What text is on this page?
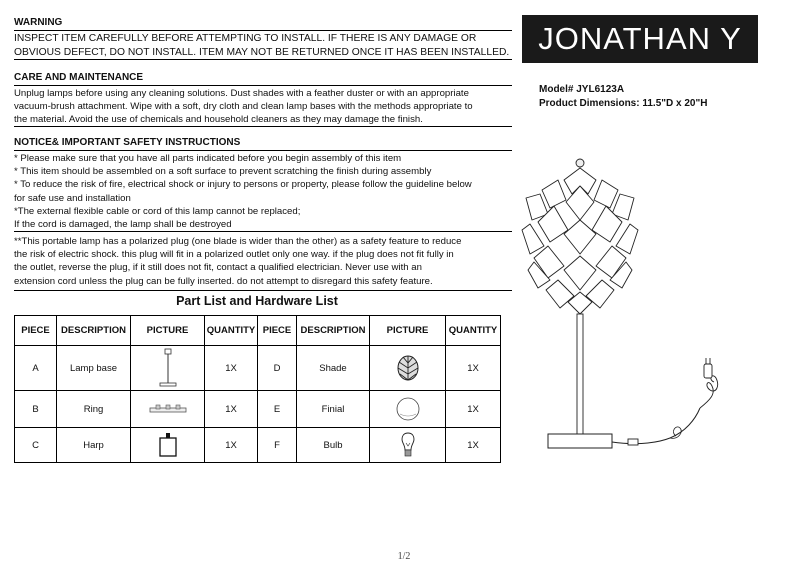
WARNING

INSPECT ITEM CAREFULLY BEFORE ATTEMPTING TO INSTALL. IF THERE IS ANY DAMAGE OR

OBVIOUS DEFECT, DO NOT INSTALL. ITEM MAY NOT BE RETURNED ONCE IT HAS BEEN INSTALLED.

CARE AND MAINTENANCE

Unplug lamps before using any cleaning solutions. Dust shades with a feather duster or with an appropriate

vacuum-brush attachment. Wipe with a soft, dry cloth and clean lamp bases with the methods appropriate to

the material. Avoid the use of chemicals and household cleaners as they may damage the finish.

NOTICE& IMPORTANT SAFETY INSTRUCTIONS

* Please make sure that you have all parts indicated before you begin assembly of this item

* This item should be assembled on a soft surface to prevent scratching the finish during assembly

* To reduce the risk of fire, electrical shock or injury to persons or property, please follow the guideline below

for safe use and installation

*The external flexible cable or cord of this lamp cannot be replaced;

If the cord is damaged, the lamp shall be destroyed

**This portable lamp has a polarized plug (one blade is wider than the other) as a safety feature to reduce

the risk of electric shock. this plug will fit in a polarized outlet only one way. if the plug does not fit fully in

the outlet, reverse the plug, if it still does not fit, contact a qualified electrician. Never use with an

extension cord unless the plug can be fully inserted. do not attempt to disregard this safety feature.

JONATHAN Y
Model# JYL6123A
Product Dimensions: 11.5"D x 20"H
Part List and Hardware List
PIECE	DESCRIPTION	PICTURE	QUANTITY	PIECE	DESCRIPTION	PICTURE	QUANTITY
A	Lamp base		1X	D	Shade		1X
B	Ring		1X	E	Finial		1X
C	Harp		1X	F	Bulb		1X
1/2
